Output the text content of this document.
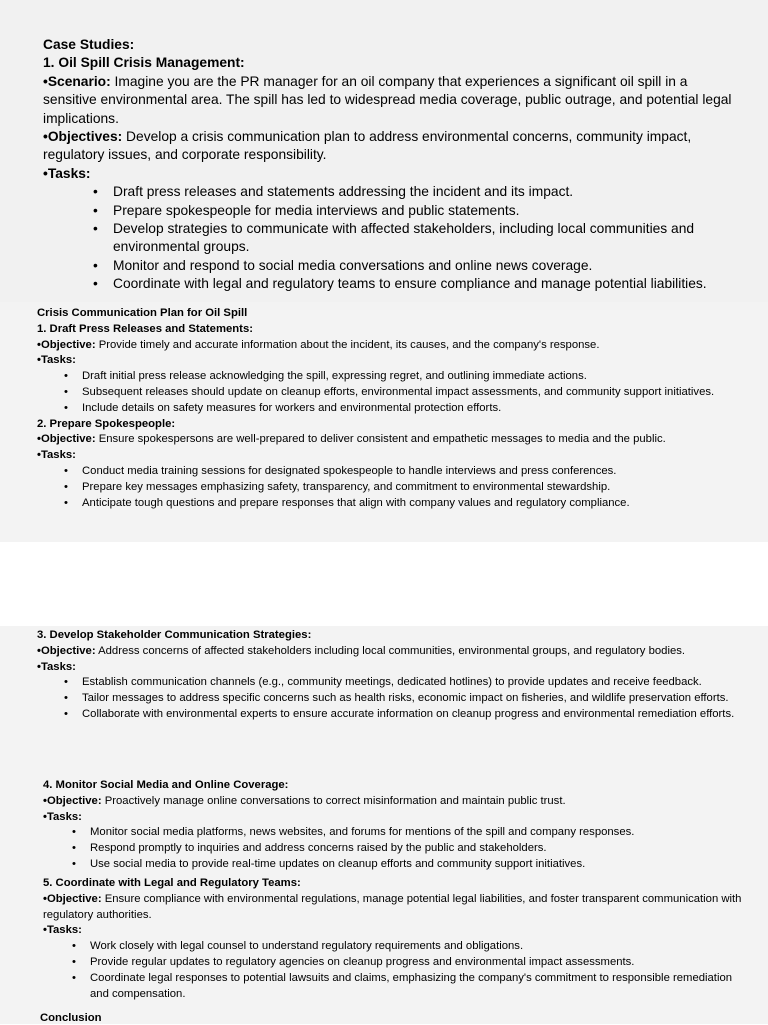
Case Studies:

1. Oil Spill Crisis Management:

•Scenario: Imagine you are the PR manager for an oil company that experiences a significant oil spill in a sensitive environmental area. The spill has led to widespread media coverage, public outrage, and potential legal implications.

•Objectives: Develop a crisis communication plan to address environmental concerns, community impact, regulatory issues, and corporate responsibility.

•Tasks:

• Draft press releases and statements addressing the incident and its impact.
• Prepare spokespeople for media interviews and public statements.
• Develop strategies to communicate with affected stakeholders, including local communities and environmental groups.
• Monitor and respond to social media conversations and online news coverage.
• Coordinate with legal and regulatory teams to ensure compliance and manage potential liabilities.

Crisis Communication Plan for Oil Spill

1. Draft Press Releases and Statements:

•Objective: Provide timely and accurate information about the incident, its causes, and the company's response.

•Tasks:

• Draft initial press release acknowledging the spill, expressing regret, and outlining immediate actions.
• Subsequent releases should update on cleanup efforts, environmental impact assessments, and community support initiatives.
• Include details on safety measures for workers and environmental protection efforts.

2. Prepare Spokespeople:

•Objective: Ensure spokespersons are well-prepared to deliver consistent and empathetic messages to media and the public.

•Tasks:

• Conduct media training sessions for designated spokespeople to handle interviews and press conferences.
• Prepare key messages emphasizing safety, transparency, and commitment to environmental stewardship.
• Anticipate tough questions and prepare responses that align with company values and regulatory compliance.

3. Develop Stakeholder Communication Strategies:

•Objective: Address concerns of affected stakeholders including local communities, environmental groups, and regulatory bodies.

•Tasks:

• Establish communication channels (e.g., community meetings, dedicated hotlines) to provide updates and receive feedback.
• Tailor messages to address specific concerns such as health risks, economic impact on fisheries, and wildlife preservation efforts.
• Collaborate with environmental experts to ensure accurate information on cleanup progress and environmental remediation efforts.

4. Monitor Social Media and Online Coverage:

•Objective: Proactively manage online conversations to correct misinformation and maintain public trust.

•Tasks:

• Monitor social media platforms, news websites, and forums for mentions of the spill and company responses.
• Respond promptly to inquiries and address concerns raised by the public and stakeholders.
• Use social media to provide real-time updates on cleanup efforts and community support initiatives.

5. Coordinate with Legal and Regulatory Teams:

•Objective: Ensure compliance with environmental regulations, manage potential legal liabilities, and foster transparent communication with regulatory authorities.

•Tasks:

• Work closely with legal counsel to understand regulatory requirements and obligations.
• Provide regular updates to regulatory agencies on cleanup progress and environmental impact assessments.
• Coordinate legal responses to potential lawsuits and claims, emphasizing the company's commitment to responsible remediation and compensation.
Conclusion
